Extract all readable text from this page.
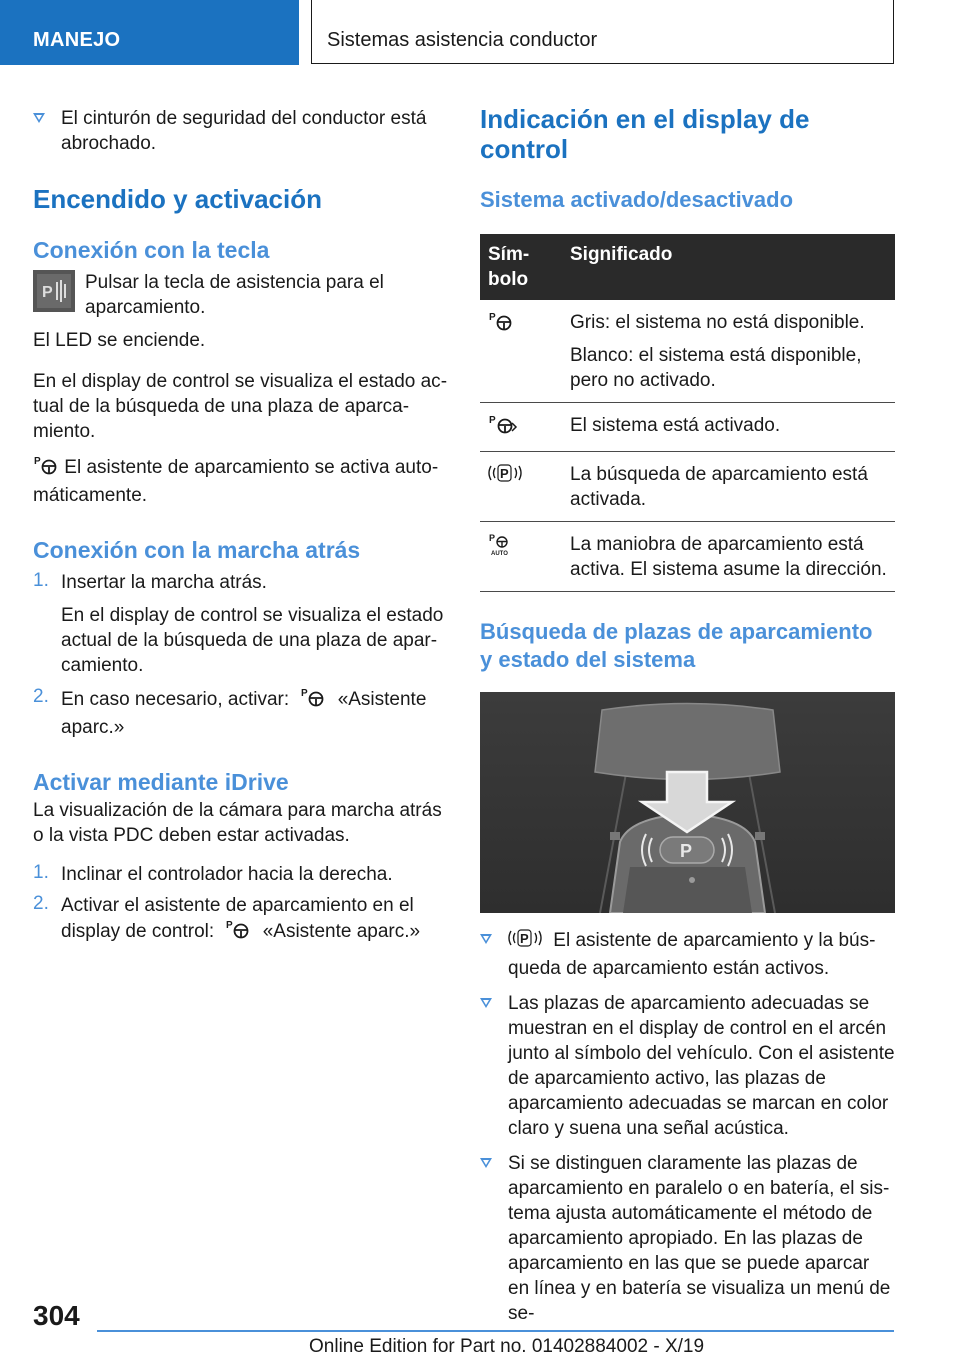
MANEJO	Sistemas asistencia conductor

El cinturón de seguridad del conductor está abrochado.

Encendido y activación
Conexión con la tecla
P Pulsar la tecla de asistencia para el aparcamiento.

El LED se enciende.

En el display de control se visualiza el estado actual de la búsqueda de una plaza de aparcamiento.

P El asistente de aparcamiento se activa automáticamente.

Conexión con la marcha atrás
1. Insertar la marcha atrás.

En el display de control se visualiza el estado actual de la búsqueda de una plaza de aparcamiento.

2. En caso necesario, activar: P «Asistente aparc.»

Activar mediante iDrive

La visualización de la cámara para marcha atrás o la vista PDC deben estar activadas.

1. Inclinar el controlador hacia la derecha.

2. Activar el asistente de aparcamiento en el display de control: P «Asistente aparc.»

Indicación en el display de control
Sistema activado/desactivado
Símbolo	Significado

P	Gris: el sistema no está disponible.

Blanco: el sistema está disponible, pero no activado.

P	El sistema está activado.

P	La búsqueda de aparcamiento está activada.

P
AUTO	La maniobra de aparcamiento está activa. El sistema asume la dirección.

Búsqueda de plazas de aparcamiento y estado del sistema
P

P El asistente de aparcamiento y la búsqueda de aparcamiento están activos.

Las plazas de aparcamiento adecuadas se muestran en el display de control en el arcén junto al símbolo del vehículo. Con el asistente de aparcamiento activo, las plazas de aparcamiento adecuadas se marcan en color claro y suena una señal acústica.

Si se distinguen claramente las plazas de aparcamiento en paralelo o en batería, el sistema ajusta automáticamente el método de aparcamiento apropiado. En las plazas de aparcamiento en las que se puede aparcar en línea y en batería se visualiza un menú de se-

304
Online Edition for Part no. 01402884002 - X/19
